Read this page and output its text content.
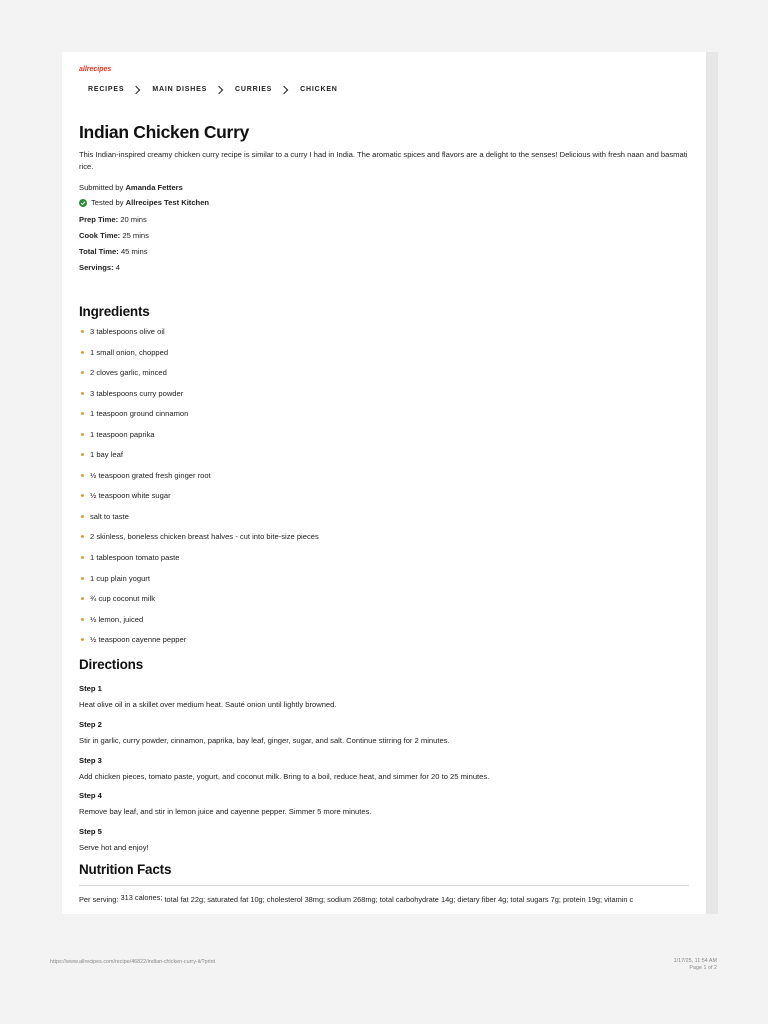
allrecipes
RECIPES	MAIN DISHES	CURRIES	CHICKEN
Indian Chicken Curry

This Indian-inspired creamy chicken curry recipe is similar to a curry I had in India. The aromatic spices and flavors are a delight to the senses! Delicious with fresh naan and basmati rice.

Submitted by Amanda Fetters
Tested by
Allrecipes Test Kitchen
Prep Time: 20 mins
Cook Time: 25 mins
Total Time: 45 mins
Servings: 4
Ingredients
3 tablespoons olive oil
1 small onion, chopped
2 cloves garlic, minced
3 tablespoons curry powder
1 teaspoon ground cinnamon
1 teaspoon paprika
1 bay leaf
½ teaspoon grated fresh ginger root
½ teaspoon white sugar
salt to taste
2 skinless, boneless chicken breast halves - cut into bite-size pieces
1 tablespoon tomato paste
1 cup plain yogurt
¾ cup coconut milk
½ lemon, juiced
½ teaspoon cayenne pepper
Directions

Step 1

Heat olive oil in a skillet over medium heat. Sauté onion until lightly browned.

Step 2

Stir in garlic, curry powder, cinnamon, paprika, bay leaf, ginger, sugar, and salt. Continue stirring for 2 minutes.

Step 3

Add chicken pieces, tomato paste, yogurt, and coconut milk. Bring to a boil, reduce heat, and simmer for 20 to 25 minutes.

Step 4

Remove bay leaf, and stir in lemon juice and cayenne pepper. Simmer 5 more minutes.

Step 5

Serve hot and enjoy!

Nutrition Facts
Per serving: 313 calories; total fat 22g; saturated fat 10g; cholesterol 38mg; sodium 268mg; total carbohydrate 14g; dietary fiber 4g; total sugars 7g; protein 19g; vitamin c
https://www.allrecipes.com/recipe/46822/indian-chicken-curry-ii/?print	1/17/25, 11:54 AM
Page 1 of 2
